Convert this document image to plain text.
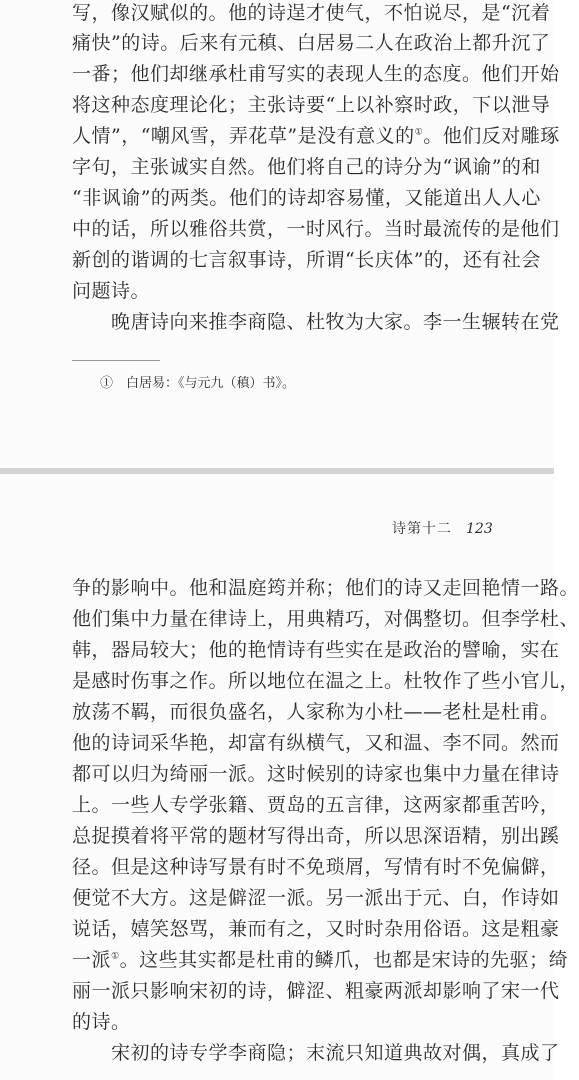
写，像汉赋似的。他的诗逞才使气，不怕说尽，是“沉着
痛快”的诗。后来有元稹、白居易二人在政治上都升沉了
一番；他们却继承杜甫写实的表现人生的态度。他们开始
将这种态度理论化；主张诗要“上以补察时政，下以泄导
人情”，“嘲风雪，弄花草”是没有意义的①。他们反对雕琢
字句，主张诚实自然。他们将自己的诗分为“讽谕”的和
“非讽谕”的两类。他们的诗却容易懂，又能道出人人心
中的话，所以雅俗共赏，一时风行。当时最流传的是他们
新创的谐调的七言叙事诗，所谓“长庆体”的，还有社会
问题诗。
　　晚唐诗向来推李商隐、杜牧为大家。李一生辗转在党
①　白居易：《与元九（稹）书》。
诗第十二 123
争的影响中。他和温庭筠并称；他们的诗又走回艳情一路。
他们集中力量在律诗上，用典精巧，对偶整切。但李学杜、
韩，器局较大；他的艳情诗有些实在是政治的譬喻，实在
是感时伤事之作。所以地位在温之上。杜牧作了些小官儿，
放荡不羁，而很负盛名，人家称为小杜——老杜是杜甫。
他的诗词采华艳，却富有纵横气，又和温、李不同。然而
都可以归为绮丽一派。这时候别的诗家也集中力量在律诗
上。一些人专学张籍、贾岛的五言律，这两家都重苦吟，
总捉摸着将平常的题材写得出奇，所以思深语精，别出蹊
径。但是这种诗写景有时不免琐屑，写情有时不免偏僻，
便觉不大方。这是僻涩一派。另一派出于元、白，作诗如
说话，嬉笑怒骂，兼而有之，又时时杂用俗语。这是粗豪
一派①。这些其实都是杜甫的鳞爪，也都是宋诗的先驱；绮
丽一派只影响宋初的诗，僻涩、粗豪两派却影响了宋一代
的诗。
　　宋初的诗专学李商隐；末流只知道典故对偶，真成了
